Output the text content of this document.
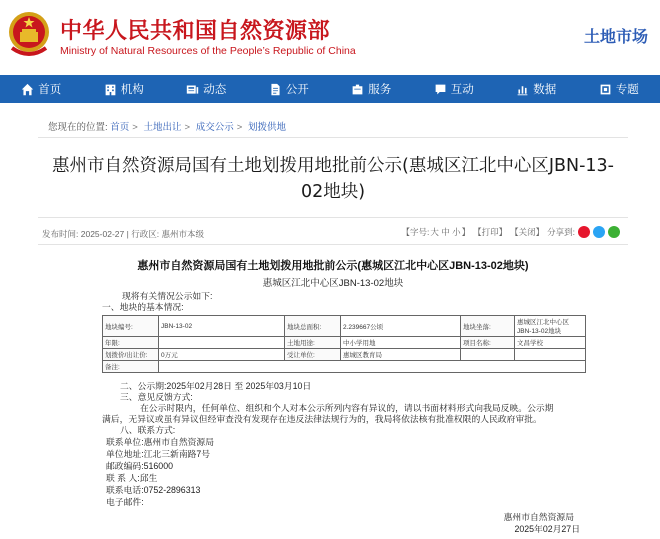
中华人民共和国自然资源部
Ministry of Natural Resources of the People’s Republic of China
土地市场
首页	机构	动态	公开	服务	互动	数据	专题
您现在的位置: 首页 > 土地出让 > 成交公示 > 划拨供地
惠州市自然资源局国有土地划拨用地批前公示(惠城区江北中心区JBN-13-
02地块)
发布时间: 2025-02-27 | 行政区: 惠州市本级	【字号: 大 中 小 】 【打印】 【关闭】 分享到:
惠州市自然资源局国有土地划拨用地批前公示(惠城区江北中心区JBN-13-02地块)
惠城区江北中心区JBN-13-02地块
现将有关情况公示如下:
一、地块的基本情况:
地块编号:	JBN-13-02	地块总面积:	2.239667公顷	地块坐落:	惠城区江北中心区
JBN-13-02地块

年限:		土地用途:	中小学用地	项目名称:	文昌学校
划拨价/出让价:	0万元	受让单位:	惠城区教育局		
备注:					
二、公示期:2025年02月28日 至 2025年03月10日
三、意见反馈方式:
在公示时限内，任何单位、组织和个人对本公示所列内容有异议的，请以书面材料形式向我局反映。公示期
满后，无异议或虽有异议但经审查没有发现存在违反法律法规行为的，我局将依法核有批准权限的人民政府审批。
八、联系方式:
联系单位:惠州市自然资源局
单位地址:江北三新南路7号
邮政编码:516000
联 系 人:邱生
联系电话:0752-2896313
电子邮件:
惠州市自然资源局
2025年02月27日
